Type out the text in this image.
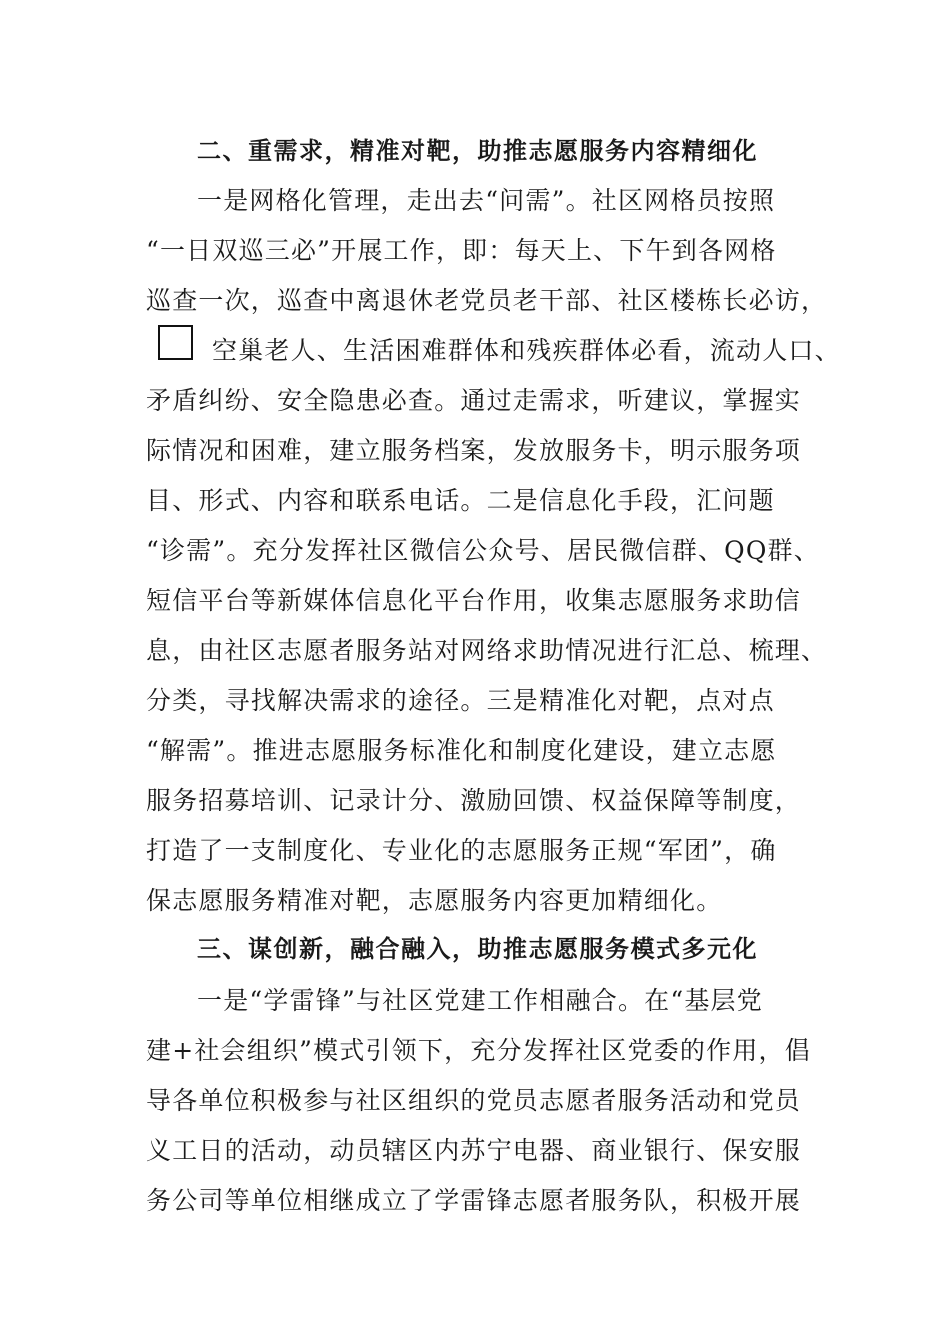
二、重需求，精准对靶，助推志愿服务内容精细化
一是网格化管理，走出去“问需”。社区网格员按照
“一日双巡三必”开展工作，即：每天上、下午到各网格
巡查一次，巡查中离退休老党员老干部、社区楼栋长必访，
空巢老人、生活困难群体和残疾群体必看，流动人口、
矛盾纠纷、安全隐患必查。通过走需求，听建议，掌握实
际情况和困难，建立服务档案，发放服务卡，明示服务项
目、形式、内容和联系电话。二是信息化手段，汇问题
“诊需”。充分发挥社区微信公众号、居民微信群、QQ群、
短信平台等新媒体信息化平台作用，收集志愿服务求助信
息，由社区志愿者服务站对网络求助情况进行汇总、梳理、
分类，寻找解决需求的途径。三是精准化对靶，点对点
“解需”。推进志愿服务标准化和制度化建设，建立志愿
服务招募培训、记录计分、激励回馈、权益保障等制度，
打造了一支制度化、专业化的志愿服务正规“军团”，确
保志愿服务精准对靶，志愿服务内容更加精细化。
三、谋创新，融合融入，助推志愿服务模式多元化
一是“学雷锋”与社区党建工作相融合。在“基层党
建+社会组织”模式引领下，充分发挥社区党委的作用，倡
导各单位积极参与社区组织的党员志愿者服务活动和党员
义工日的活动，动员辖区内苏宁电器、商业银行、保安服
务公司等单位相继成立了学雷锋志愿者服务队，积极开展
